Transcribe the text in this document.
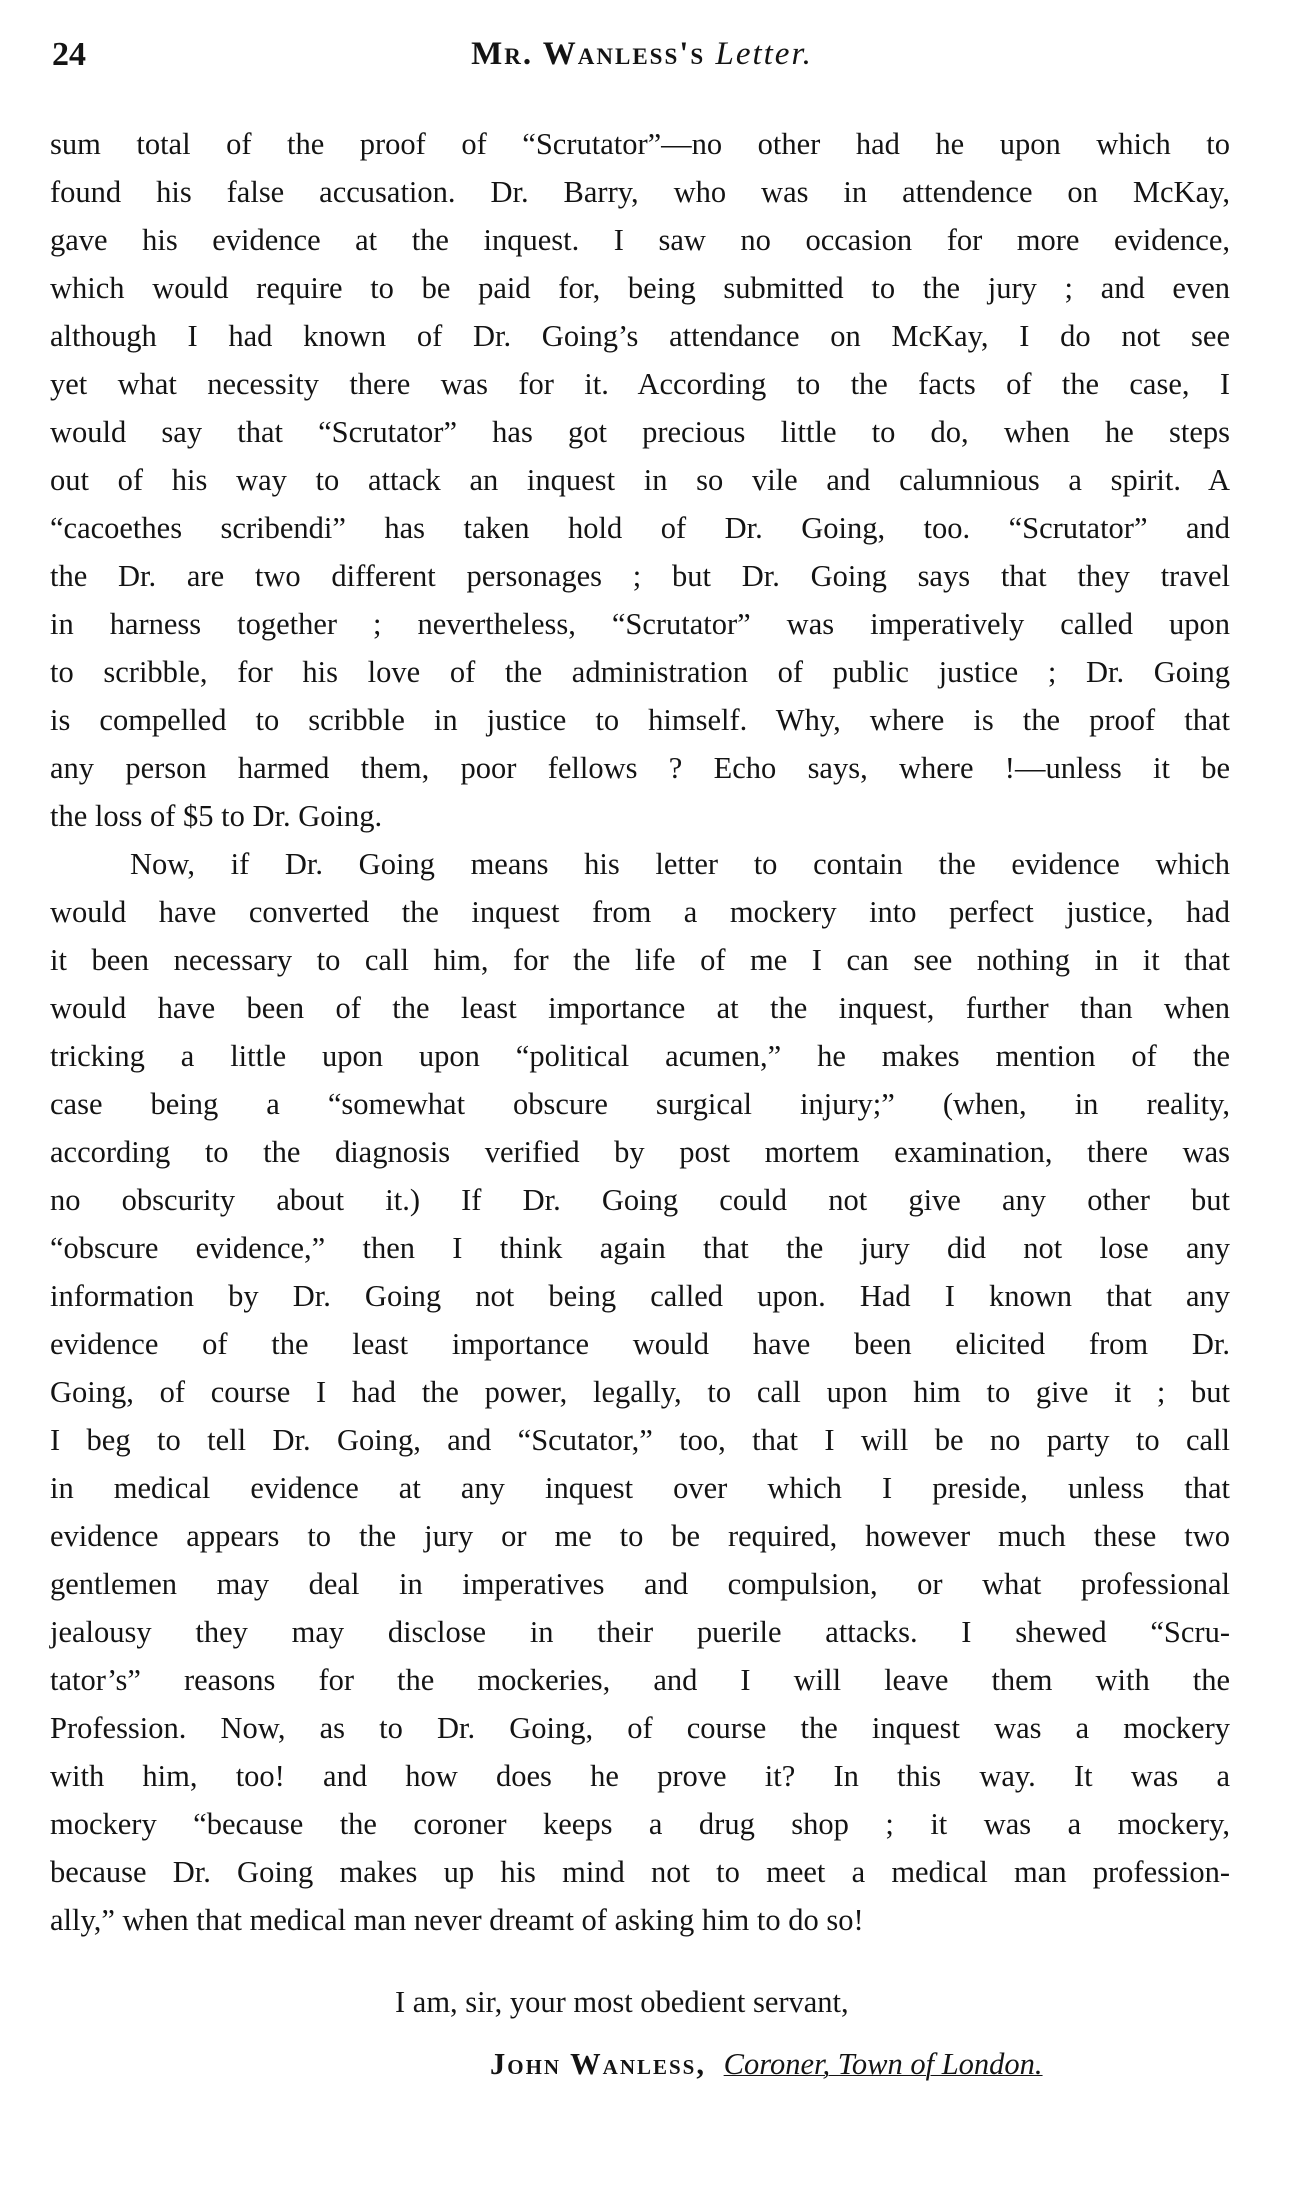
24	Mr. Wanless's Letter.

sum total of the proof of “Scrutator”—no other had he upon which to
found his false accusation. Dr. Barry, who was in attendence on McKay,
gave his evidence at the inquest. I saw no occasion for more evidence,
which would require to be paid for, being submitted to the jury ; and even
although I had known of Dr. Going’s attendance on McKay, I do not see
yet what necessity there was for it. According to the facts of the case, I
would say that “Scrutator” has got precious little to do, when he steps
out of his way to attack an inquest in so vile and calumnious a spirit. A
“cacoethes scribendi” has taken hold of Dr. Going, too. “Scrutator” and
the Dr. are two different personages ; but Dr. Going says that they travel
in harness together ; nevertheless, “Scrutator” was imperatively called upon
to scribble, for his love of the administration of public justice ; Dr. Going
is compelled to scribble in justice to himself. Why, where is the proof that
any person harmed them, poor fellows ? Echo says, where !—unless it be
the loss of $5 to Dr. Going.

Now, if Dr. Going means his letter to contain the evidence which
would have converted the inquest from a mockery into perfect justice, had
it been necessary to call him, for the life of me I can see nothing in it that
would have been of the least importance at the inquest, further than when
tricking a little upon upon “political acumen,” he makes mention of the
case being a “somewhat obscure surgical injury;” (when, in reality,
according to the diagnosis verified by post mortem examination, there was
no obscurity about it.) If Dr. Going could not give any other but
“obscure evidence,” then I think again that the jury did not lose any
information by Dr. Going not being called upon. Had I known that any
evidence of the least importance would have been elicited from Dr.
Going, of course I had the power, legally, to call upon him to give it ; but
I beg to tell Dr. Going, and “Scutator,” too, that I will be no party to call
in medical evidence at any inquest over which I preside, unless that
evidence appears to the jury or me to be required, however much these two
gentlemen may deal in imperatives and compulsion, or what professional
jealousy they may disclose in their puerile attacks. I shewed “Scru-
tator’s” reasons for the mockeries, and I will leave them with the
Profession. Now, as to Dr. Going, of course the inquest was a mockery
with him, too! and how does he prove it? In this way. It was a
mockery “because the coroner keeps a drug shop ; it was a mockery,
because Dr. Going makes up his mind not to meet a medical man profession-
ally,” when that medical man never dreamt of asking him to do so!

I am, sir, your most obedient servant,
John Wanless, Coroner, Town of London.
